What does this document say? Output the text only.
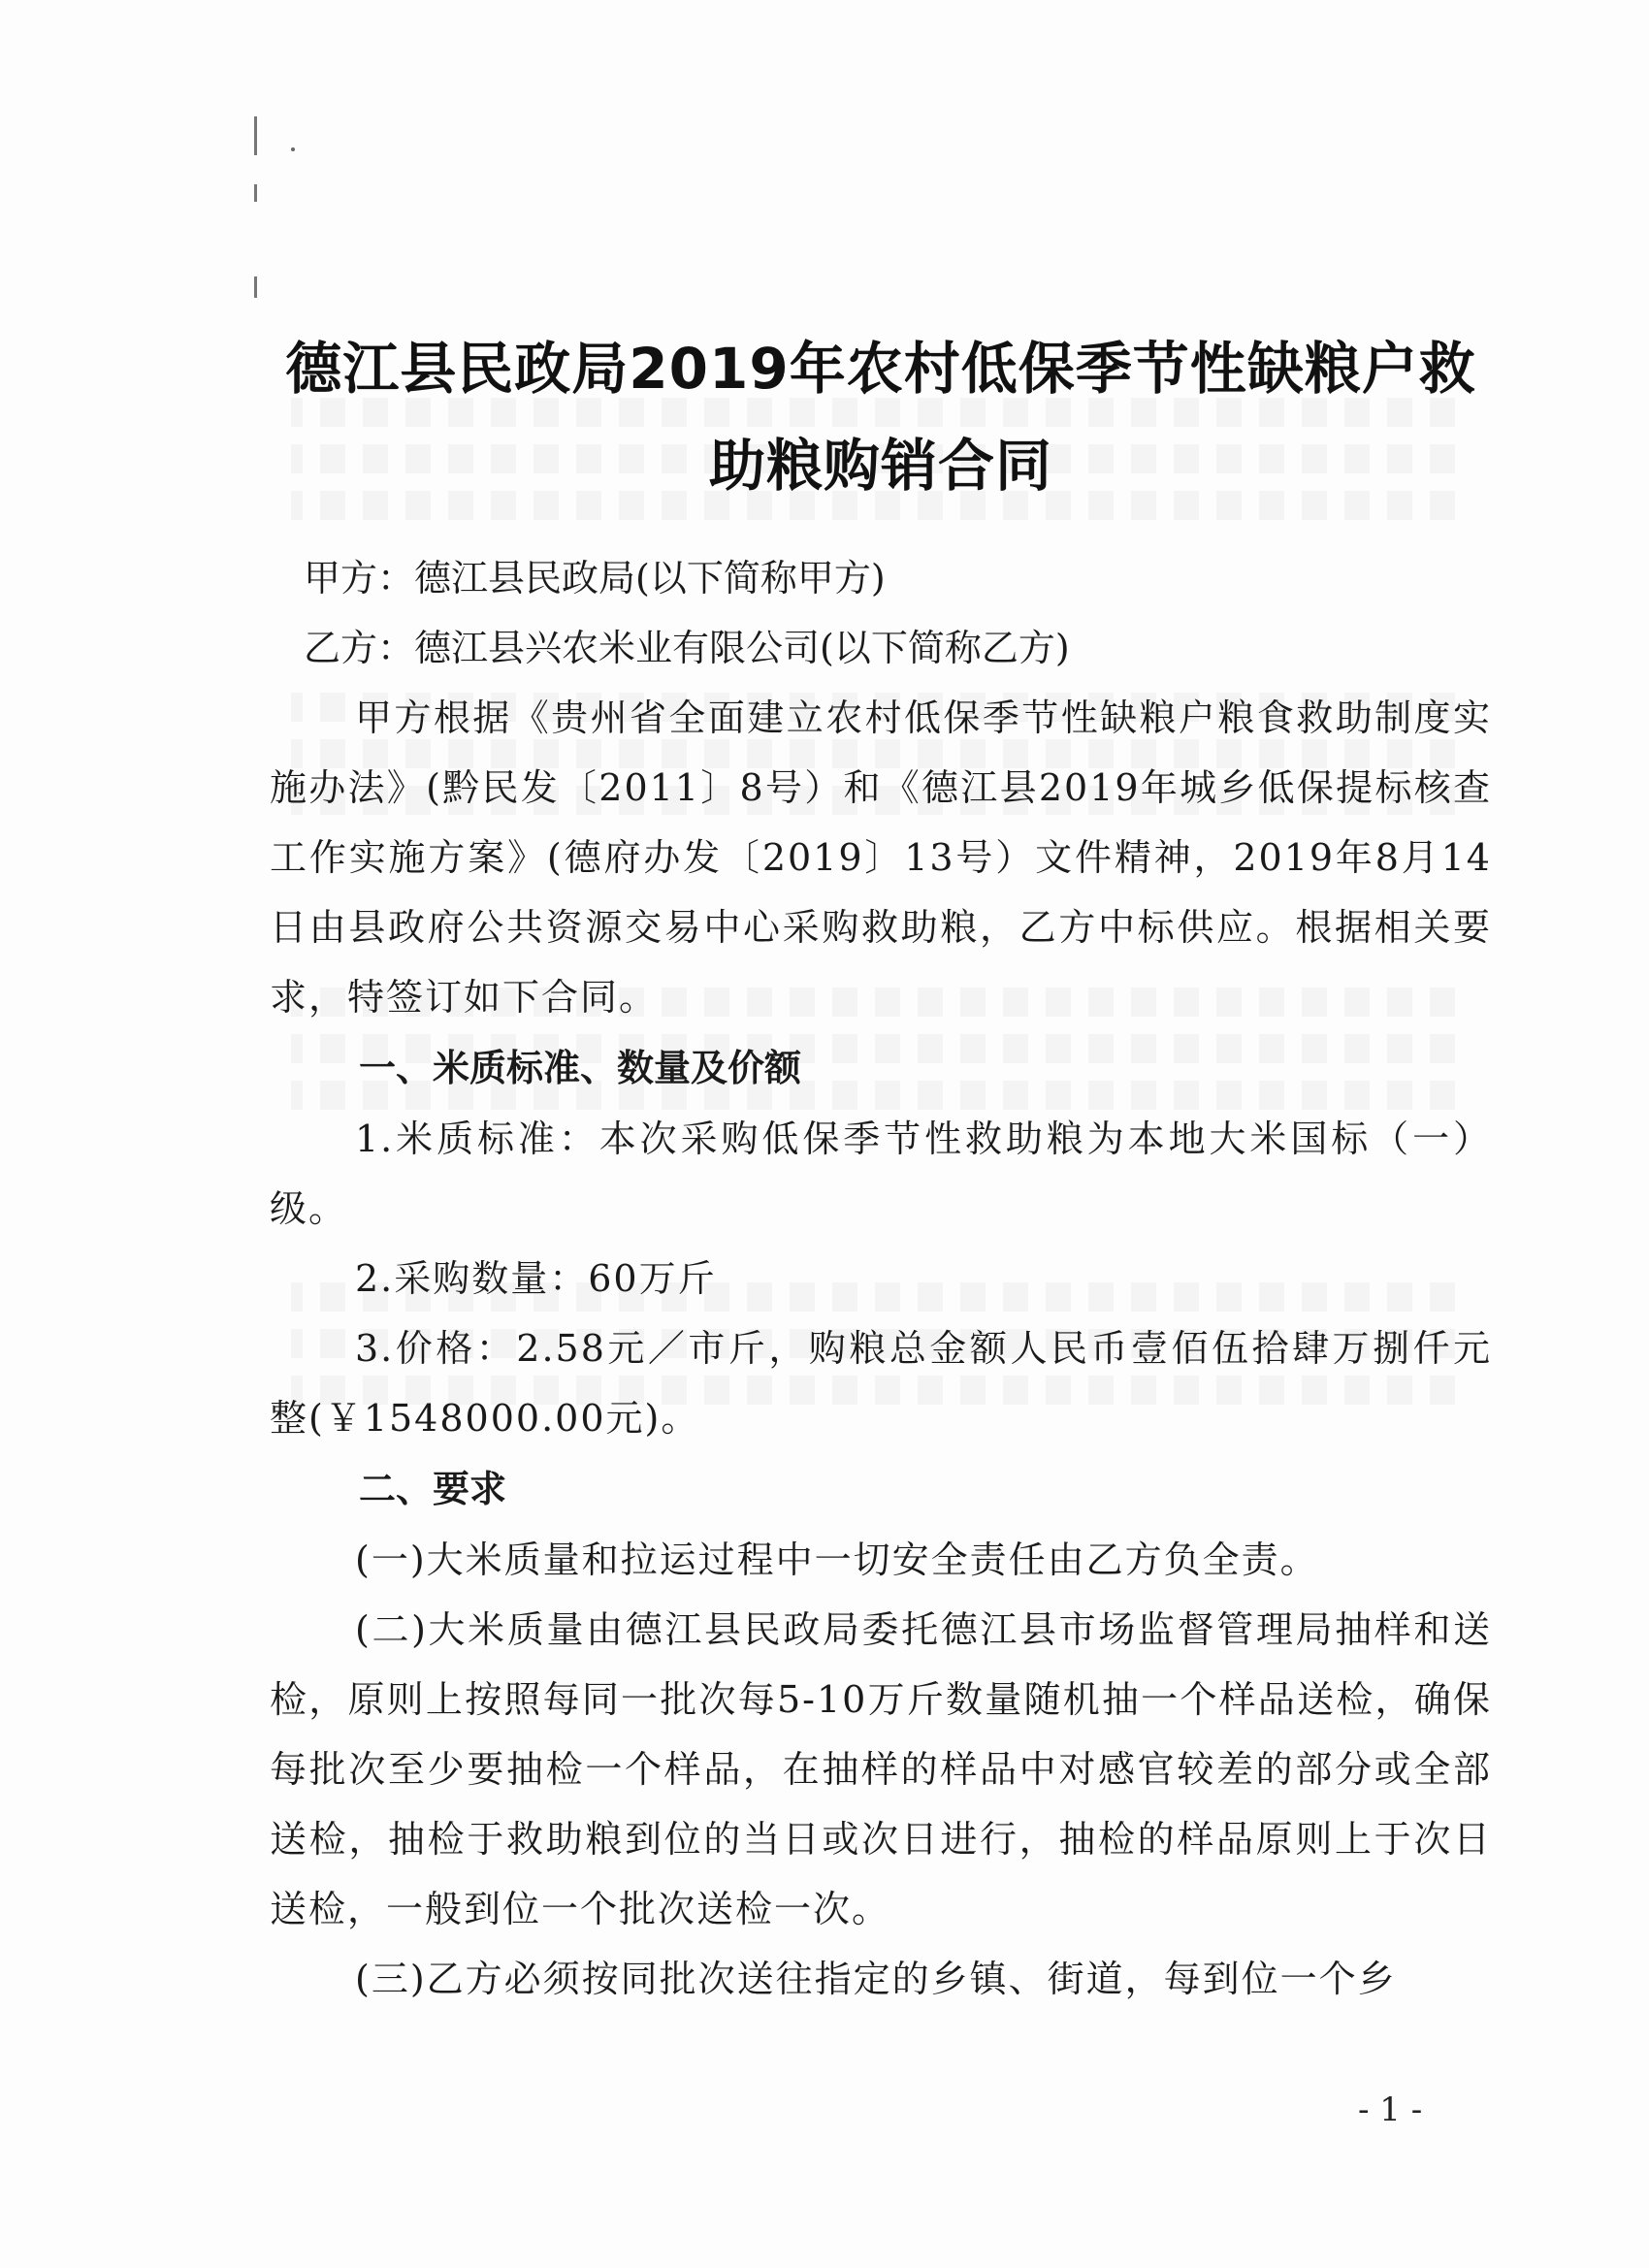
德江县民政局2019年农村低保季节性缺粮户救
助粮购销合同

甲方：德江县民政局(以下简称甲方)

乙方：德江县兴农米业有限公司(以下简称乙方)

甲方根据《贵州省全面建立农村低保季节性缺粮户粮食救助制度实施办法》(黔民发〔2011〕8号）和《德江县2019年城乡低保提标核查工作实施方案》(德府办发〔2019〕13号）文件精神，2019年8月14日由县政府公共资源交易中心采购救助粮，乙方中标供应。根据相关要求，特签订如下合同。

一、米质标准、数量及价额

1.米质标准：本次采购低保季节性救助粮为本地大米国标（一）级。

2.采购数量：60万斤

3.价格：2.58元／市斤，购粮总金额人民币壹佰伍拾肆万捌仟元整(￥1548000.00元)。

二、要求

(一)大米质量和拉运过程中一切安全责任由乙方负全责。

(二)大米质量由德江县民政局委托德江县市场监督管理局抽样和送检，原则上按照每同一批次每5-10万斤数量随机抽一个样品送检，确保每批次至少要抽检一个样品，在抽样的样品中对感官较差的部分或全部送检，抽检于救助粮到位的当日或次日进行，抽检的样品原则上于次日送检，一般到位一个批次送检一次。

(三)乙方必须按同批次送往指定的乡镇、街道，每到位一个乡

- 1 -
